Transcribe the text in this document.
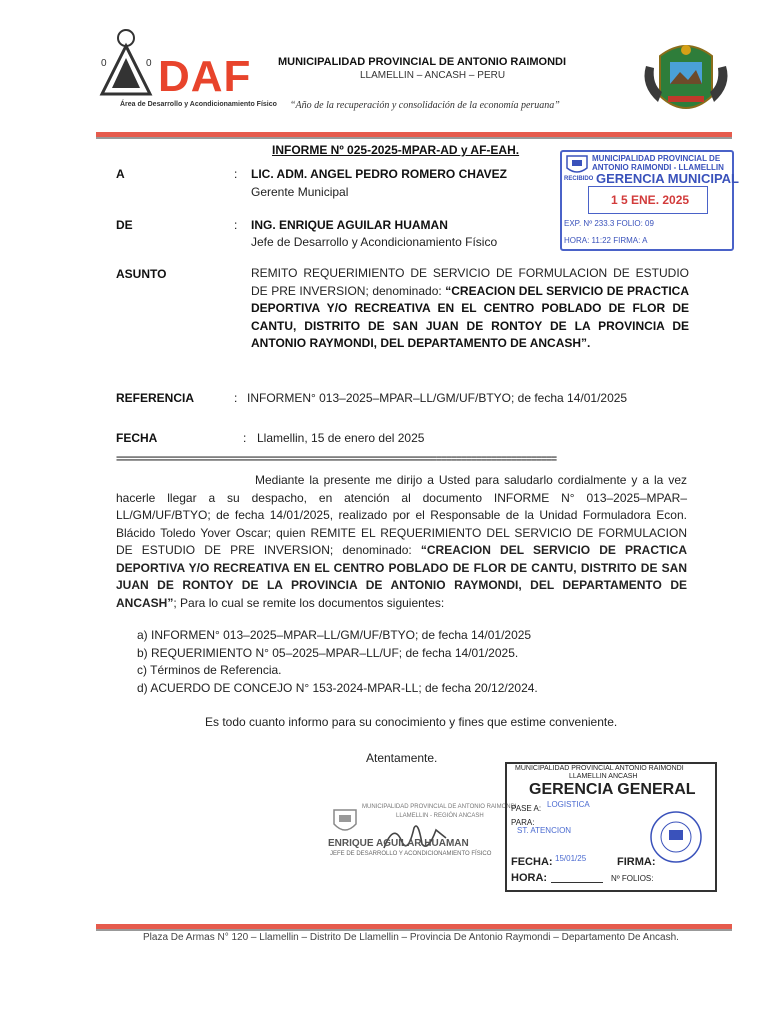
0	0 DAF
Área de Desarrollo y Acondicionamiento Físico
MUNICIPALIDAD PROVINCIAL DE ANTONIO RAIMONDI
LLAMELLIN – ANCASH – PERU
“Año de la recuperación y consolidación de la economía peruana”
INFORME Nº 025-2025-MPAR-AD y AF-EAH.
A	: LIC. ADM. ANGEL PEDRO ROMERO CHAVEZ
Gerente Municipal
DE	: ING. ENRIQUE AGUILAR HUAMAN
Jefe de Desarrollo y Acondicionamiento Físico
ASUNTO	REMITO REQUERIMIENTO DE SERVICIO DE FORMULACION DE ESTUDIO DE PRE INVERSION; denominado: “CREACION DEL SERVICIO DE PRACTICA DEPORTIVA Y/O RECREATIVA EN EL CENTRO POBLADO DE FLOR DE CANTU, DISTRITO DE SAN JUAN DE RONTOY DE LA PROVINCIA DE ANTONIO RAYMONDI, DEL DEPARTAMENTO DE ANCASH”.
REFERENCIA	: INFORMEN° 013–2025–MPAR–LL/GM/UF/BTYO; de fecha 14/01/2025
FECHA	: Llamellin, 15 de enero del 2025
========================================================================================
Mediante la presente me dirijo a Usted para saludarlo cordialmente y a la vez hacerle llegar a su despacho, en atención al documento INFORME N° 013–2025–MPAR–LL/GM/UF/BTYO; de fecha 14/01/2025, realizado por el Responsable de la Unidad Formuladora Econ. Blácido Toledo Yover Oscar; quien REMITE EL REQUERIMIENTO DEL SERVICIO DE FORMULACION DE ESTUDIO DE PRE INVERSION; denominado: “CREACION DEL SERVICIO DE PRACTICA DEPORTIVA Y/O RECREATIVA EN EL CENTRO POBLADO DE FLOR DE CANTU, DISTRITO DE SAN JUAN DE RONTOY DE LA PROVINCIA DE ANTONIO RAYMONDI, DEL DEPARTAMENTO DE ANCASH”; Para lo cual se remite los documentos siguientes:
a) INFORMEN° 013–2025–MPAR–LL/GM/UF/BTYO; de fecha 14/01/2025
b) REQUERIMIENTO N° 05–2025–MPAR–LL/UF; de fecha 14/01/2025.
c) Términos de Referencia.
d) ACUERDO DE CONCEJO N° 153-2024-MPAR-LL; de fecha 20/12/2024.
Es todo cuanto informo para su conocimiento y fines que estime conveniente.
Atentamente.
RECIBIDO
MUNICIPALIDAD PROVINCIAL DE
ANTONIO RAIMONDI - LLAMELLIN
GERENCIA MUNICIPAL
1 5 ENE. 2025
EXP. Nº 233.3 FOLIO: 09
HORA: 11:22 FIRMA: A
MUNICIPALIDAD PROVINCIAL DE ANTONIO RAIMONDI
LLAMELLIN - REGIÓN ANCASH
ENRIQUE AGUILAR HUAMAN
JEFE DE DESARROLLO Y ACONDICIONAMIENTO FÍSICO
MUNICIPALIDAD PROVINCIAL ANTONIO RAIMONDI
LLAMELLIN ANCASH
GERENCIA GENERAL
PASE A: LOGISTICA
PARA:
ST. ATENCION
FECHA: 15/01/25	FIRMA:
HORA:	Nº FOLIOS:
Plaza De Armas N° 120 – Llamellin – Distrito De Llamellin – Provincia De Antonio Raymondi – Departamento De Ancash.
